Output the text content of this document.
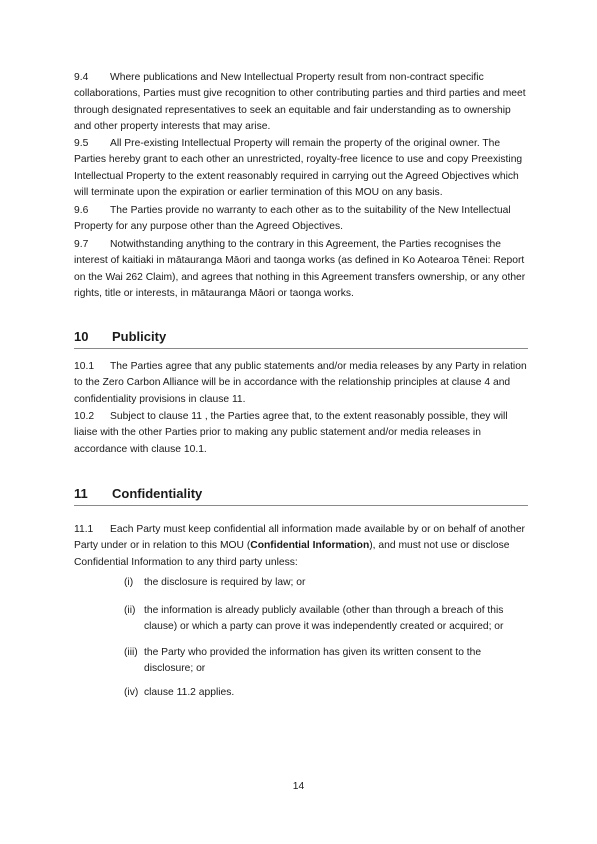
9.4 Where publications and New Intellectual Property result from non-contract specific collaborations, Parties must give recognition to other contributing parties and third parties and meet through designated representatives to seek an equitable and fair understanding as to ownership and other property interests that may arise.

9.5 All Pre-existing Intellectual Property will remain the property of the original owner. The Parties hereby grant to each other an unrestricted, royalty-free licence to use and copy Preexisting Intellectual Property to the extent reasonably required in carrying out the Agreed Objectives which will terminate upon the expiration or earlier termination of this MOU on any basis.

9.6 The Parties provide no warranty to each other as to the suitability of the New Intellectual Property for any purpose other than the Agreed Objectives.

9.7 Notwithstanding anything to the contrary in this Agreement, the Parties recognises the interest of kaitiaki in mātauranga Māori and taonga works (as defined in Ko Aotearoa Tēnei: Report on the Wai 262 Claim), and agrees that nothing in this Agreement transfers ownership, or any other rights, title or interests, in mātauranga Māori or taonga works.

10 Publicity

10.1 The Parties agree that any public statements and/or media releases by any Party in relation to the Zero Carbon Alliance will be in accordance with the relationship principles at clause 4 and confidentiality provisions in clause 11.

10.2 Subject to clause 11 , the Parties agree that, to the extent reasonably possible, they will liaise with the other Parties prior to making any public statement and/or media releases in accordance with clause 10.1.

11 Confidentiality

11.1 Each Party must keep confidential all information made available by or on behalf of another Party under or in relation to this MOU (Confidential Information), and must not use or disclose Confidential Information to any third party unless:

(i) the disclosure is required by law; or
(ii) the information is already publicly available (other than through a breach of this clause) or which a party can prove it was independently created or acquired; or
(iii) the Party who provided the information has given its written consent to the disclosure; or
(iv) clause 11.2 applies.
14
